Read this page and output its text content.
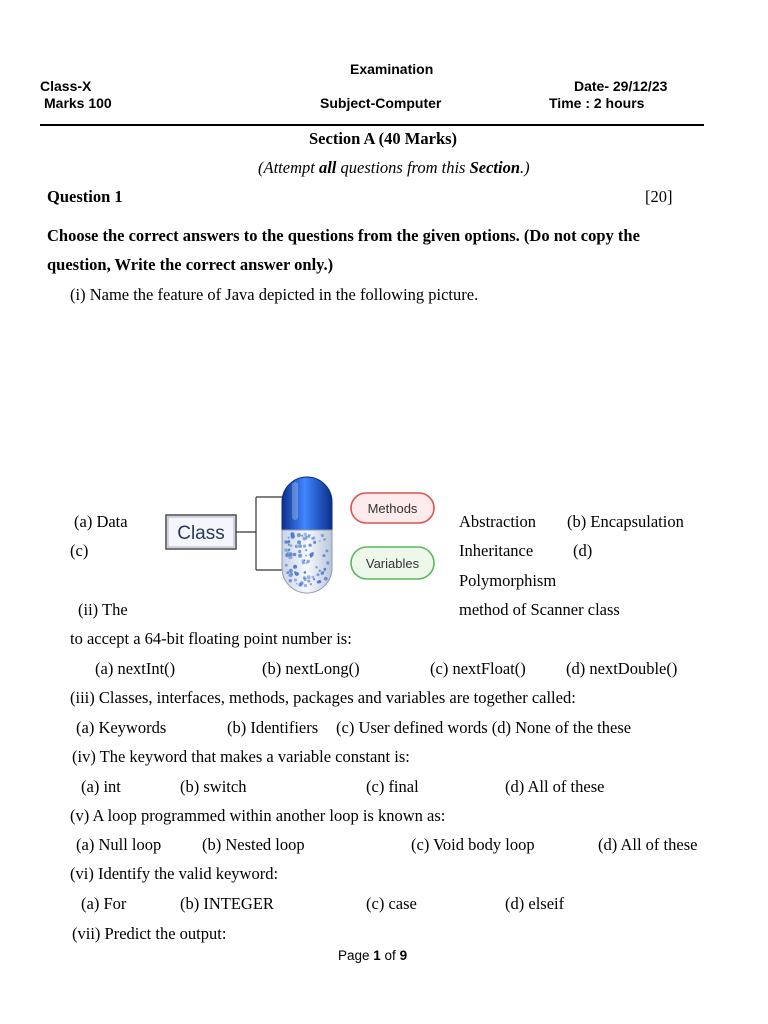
Examination
Class-X	Date- 29/12/23
Marks 100	Subject-Computer	Time : 2 hours
Section A (40 Marks)
(Attempt all questions from this Section.)
Question 1	[20]
Choose the correct answers to the questions from the given options. (Do not copy the
question, Write the correct answer only.)
(i) Name the feature of Java depicted in the following picture.
Class
Methods
Variables
(a) Data	Abstraction (b) Encapsulation
(c)	Inheritance (d)
Polymorphism
(ii) The	method of Scanner class
to accept a 64-bit floating point number is:
(a) nextInt()	(b) nextLong()	(c) nextFloat() (d) nextDouble()
(iii) Classes, interfaces, methods, packages and variables are together called:
(a) Keywords	(b) Identifiers (c) User defined words (d) None of the these
(iv) The keyword that makes a variable constant is:
(a) int	(b) switch	(c) final	(d) All of these
(v) A loop programmed within another loop is known as:
(a) Null loop (b) Nested loop	(c) Void body loop	(d) All of these
(vi) Identify the valid keyword:
(a) For	(b) INTEGER	(c) case	(d) elseif
(vii) Predict the output:
Page 1 of 9
